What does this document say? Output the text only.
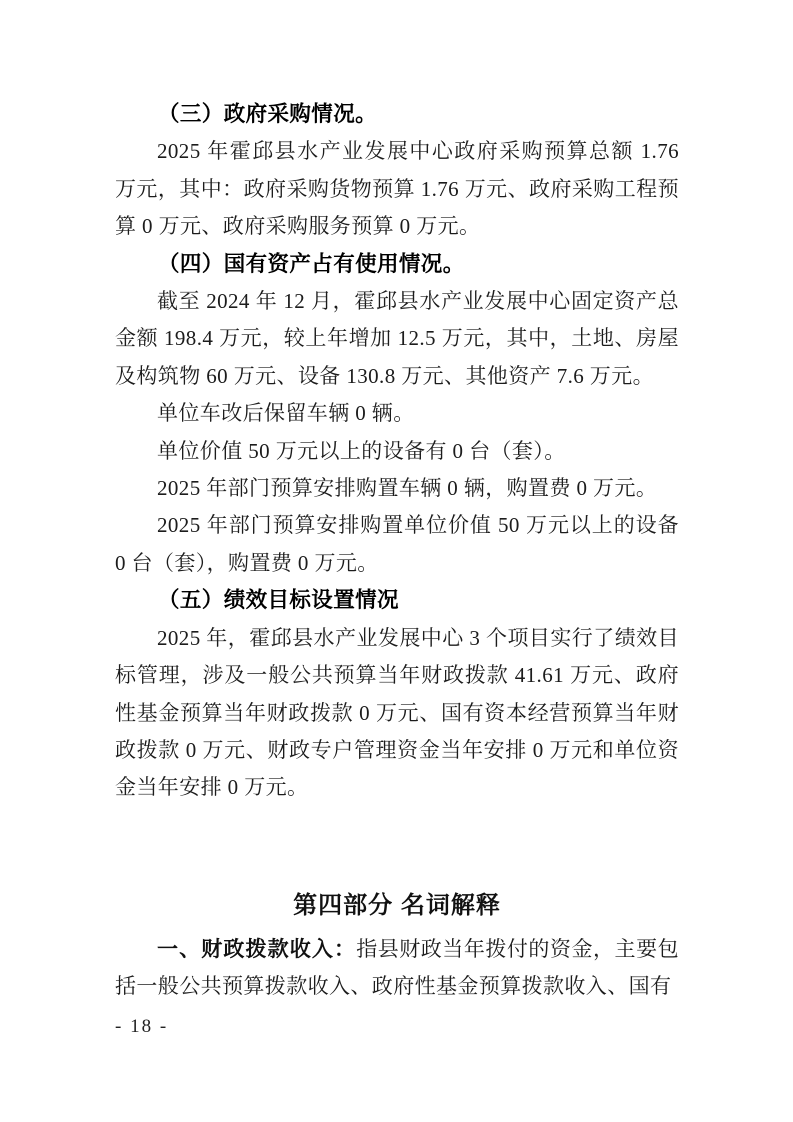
（三）政府采购情况。

2025 年霍邱县水产业发展中心政府采购预算总额 1.76 万元，其中：政府采购货物预算 1.76 万元、政府采购工程预算 0 万元、政府采购服务预算 0 万元。

（四）国有资产占有使用情况。

截至 2024 年 12 月，霍邱县水产业发展中心固定资产总金额 198.4 万元，较上年增加 12.5 万元，其中，土地、房屋及构筑物 60 万元、设备 130.8 万元、其他资产 7.6 万元。

单位车改后保留车辆 0 辆。

单位价值 50 万元以上的设备有 0 台（套）。

2025 年部门预算安排购置车辆 0 辆，购置费 0 万元。

2025 年部门预算安排购置单位价值 50 万元以上的设备 0 台（套），购置费 0 万元。

（五）绩效目标设置情况

2025 年，霍邱县水产业发展中心 3 个项目实行了绩效目标管理，涉及一般公共预算当年财政拨款 41.61 万元、政府性基金预算当年财政拨款 0 万元、国有资本经营预算当年财政拨款 0 万元、财政专户管理资金当年安排 0 万元和单位资金当年安排 0 万元。

第四部分 名词解释

一、财政拨款收入：指县财政当年拨付的资金，主要包括一般公共预算拨款收入、政府性基金预算拨款收入、国有

- 18 -
